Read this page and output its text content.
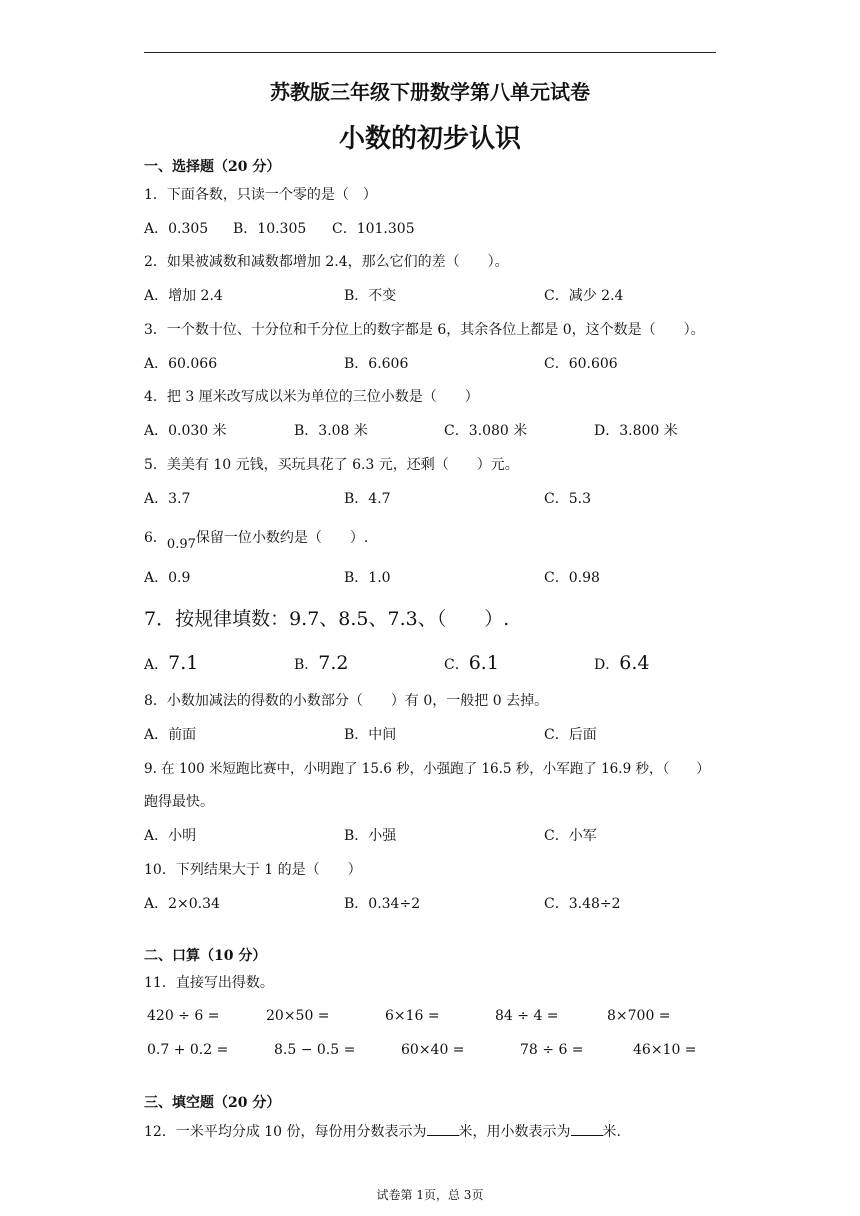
苏教版三年级下册数学第八单元试卷
小数的初步认识
一、选择题（20 分）
1．下面各数，只读一个零的是（　）
A．0.305 B．10.305 C．101.305
2．如果被减数和减数都增加 2.4，那么它们的差（　　）。
A．增加 2.4	B．不变	C．减少 2.4
3．一个数十位、十分位和千分位上的数字都是 6，其余各位上都是 0，这个数是（　　）。
A．60.066	B．6.606	C．60.606
4．把 3 厘米改写成以米为单位的三位小数是（　　）
A．0.030 米	B．3.08 米	C．3.080 米	D．3.800 米
5．美美有 10 元钱，买玩具花了 6.3 元，还剩（　　）元。
A．3.7	B．4.7	C．5.3
6．0.97保留一位小数约是（　　）.
A．0.9	B．1.0	C．0.98
7．按规律填数：9.7、8.5、7.3、（　　）.
A．7.1	B．7.2	C．6.1	D．6.4
8．小数加减法的得数的小数部分（　　）有 0，一般把 0 去掉。
A．前面	B．中间	C．后面
9. 在 100 米短跑比赛中，小明跑了 15.6 秒，小强跑了 16.5 秒，小军跑了 16.9 秒，（　　）
跑得最快。
A．小明	B．小强	C．小军
10．下列结果大于 1 的是（　　）
A．2×0.34	B．0.34÷2	C．3.48÷2
二、口算（10 分）
11．直接写出得数。
420 ÷ 6 =	20×50 =	6×16 =	84 ÷ 4 =	8×700 =
0.7 + 0.2 =	8.5 − 0.5 =	60×40 =	78 ÷ 6 =	46×10 =
三、填空题（20 分）
12．一米平均分成 10 份，每份用分数表示为 米，用小数表示为 米.
试卷第 1页，总 3页
